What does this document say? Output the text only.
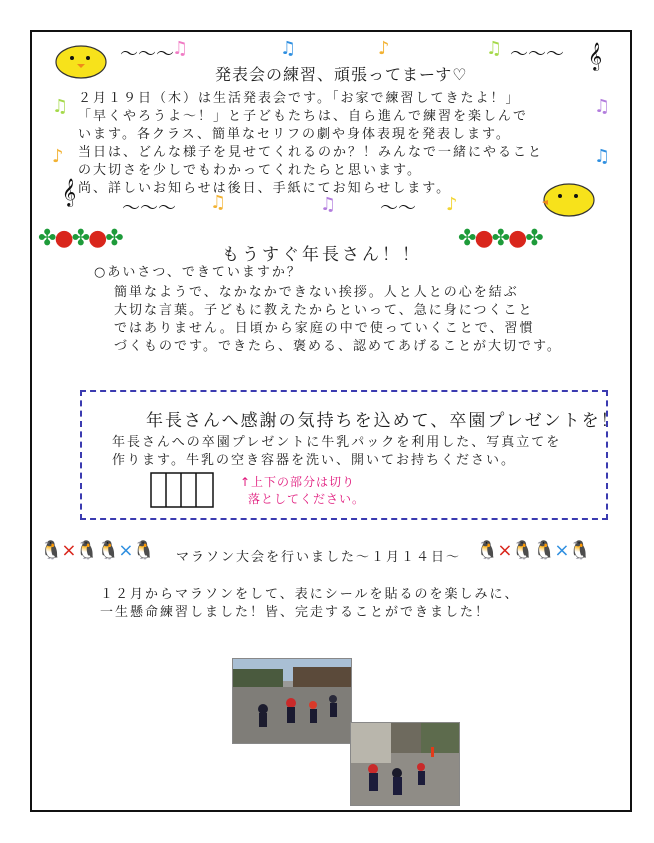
〜〜〜
♫	♫	♪	♫ 〜〜〜 𝄞
𝄞
♫
♪
♫
♫
♫	♫	♪
〜〜〜	〜〜
発表会の練習、頑張ってまーす♡
２月１９日（木）は生活発表会です。「お家で練習してきたよ！」
「早くやろうよ～！」と子どもたちは、自ら進んで練習を楽しんで
います。各クラス、簡単なセリフの劇や身体表現を発表します。
当日は、どんな様子を見せてくれるのか？！みんなで一緒にやること
の大切さを少しでもわかってくれたらと思います。
尚、詳しいお知らせは後日、手紙にてお知らせします。
✤●✤●✤	✤●✤●✤
もうすぐ年長さん！！
○あいさつ、できていますか？
簡単なようで、なかなかできない挨拶。人と人との心を結ぶ
大切な言葉。子どもに教えたからといって、急に身につくこと
ではありません。日頃から家庭の中で使っていくことで、習慣
づくものです。できたら、褒める、認めてあげることが大切です。
年長さんへ感謝の気持ちを込めて、卒園プレゼントを！
年長さんへの卒園プレゼントに牛乳パックを利用した、写真立てを
作ります。牛乳の空き容器を洗い、開いてお持ちください。
↑上下の部分は切り
落としてください。
🐧×🐧🐧×🐧	🐧×🐧🐧×🐧
マラソン大会を行いました～１月１４日～
１２月からマラソンをして、表にシールを貼るのを楽しみに、
一生懸命練習しました！皆、完走することができました！
